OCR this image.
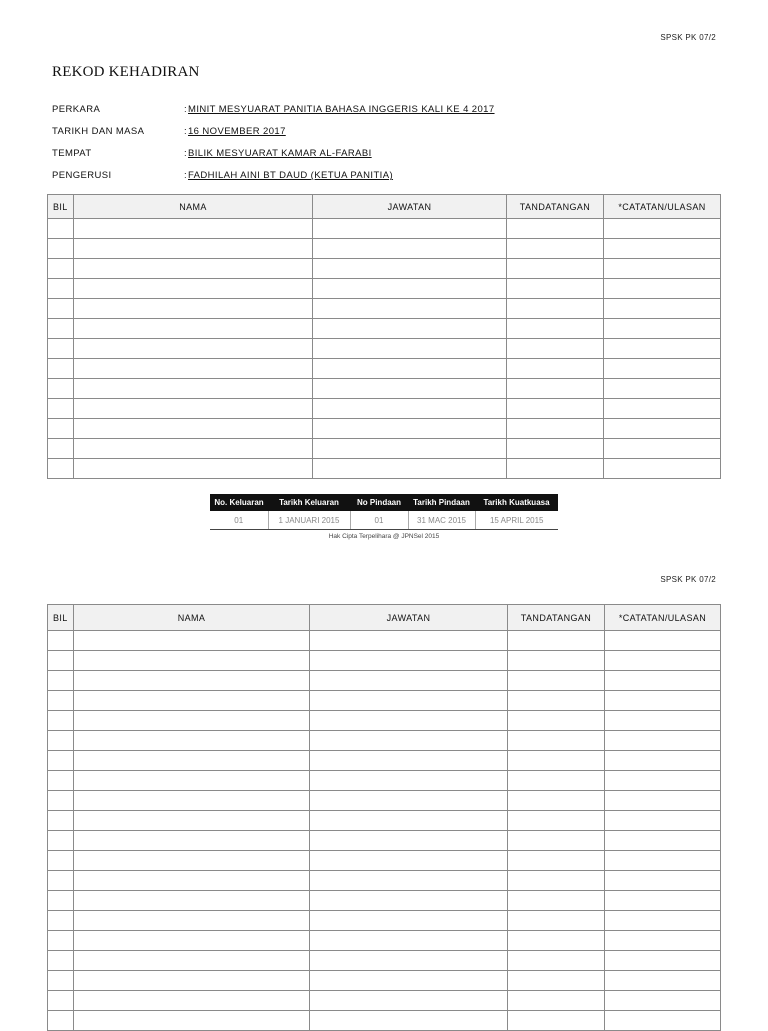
SPSK PK 07/2
REKOD KEHADIRAN
PERKARA	: MINIT MESYUARAT PANITIA BAHASA INGGERIS KALI KE 4 2017
TARIKH DAN MASA	: 16 NOVEMBER 2017
TEMPAT	: BILIK MESYUARAT KAMAR AL-FARABI
PENGERUSI	: FADHILAH AINI BT DAUD (KETUA PANITIA)
BIL	NAMA	JAWATAN	TANDATANGAN	*CATATAN/ULASAN

No. Keluaran	Tarikh Keluaran	No Pindaan	Tarikh Pindaan	Tarikh Kuatkuasa
01	1 JANUARI 2015	01	31 MAC 2015	15 APRIL 2015
Hak Cipta Terpelihara @ JPNSel 2015
SPSK PK 07/2
BIL	NAMA	JAWATAN	TANDATANGAN	*CATATAN/ULASAN
